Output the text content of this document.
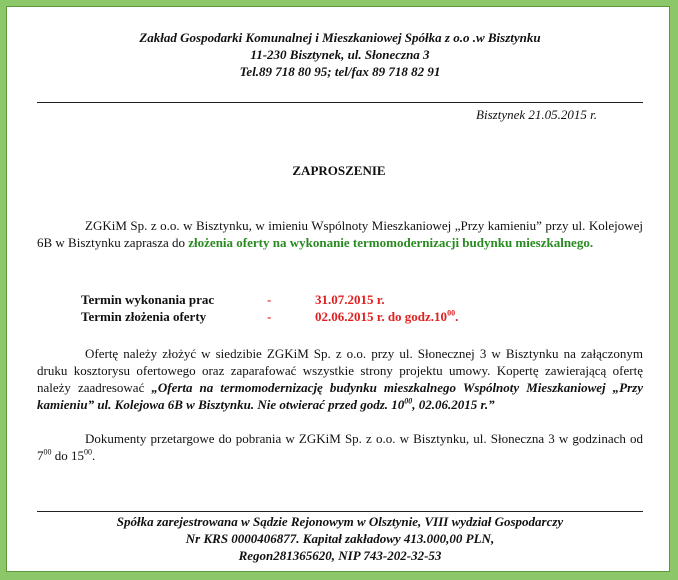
Zakład Gospodarki Komunalnej i Mieszkaniowej Spółka z o.o .w Bisztynku
11-230 Bisztynek, ul. Słoneczna 3
Tel.89 718 80 95; tel/fax 89 718 82 91
Bisztynek 21.05.2015 r.
ZAPROSZENIE
ZGKiM Sp. z o.o. w Bisztynku, w imieniu Wspólnoty Mieszkaniowej „Przy kamieniu” przy ul. Kolejowej 6B w Bisztynku zaprasza do złożenia oferty na wykonanie termomodernizacji budynku mieszkalnego.
Termin wykonania prac	-	31.07.2015 r.
Termin złożenia oferty	-	02.06.2015 r. do $godz.10^{00}$.
Ofertę należy złożyć w siedzibie ZGKiM Sp. z o.o. przy ul. Słonecznej 3 w Bisztynku na załączonym druku kosztorysu ofertowego oraz zaparafować wszystkie strony projektu umowy. Kopertę zawierającą ofertę należy zaadresować „Oferta na termomodernizację budynku mieszkalnego Wspólnoty Mieszkaniowej „Przy kamieniu” ul. Kolejowa 6B w Bisztynku. Nie otwierać przed godz. $10^{00}$, 02.06.2015 r.”
Dokumenty przetargowe do pobrania w ZGKiM Sp. z o.o. w Bisztynku, ul. Słoneczna 3 w godzinach od $7^{00}$ do $15^{00}$.
Spółka zarejestrowana w Sądzie Rejonowym w Olsztynie, VIII wydział Gospodarczy
Nr KRS 0000406877. Kapitał zakładowy 413.000,00 PLN,
Regon281365620, NIP 743-202-32-53
